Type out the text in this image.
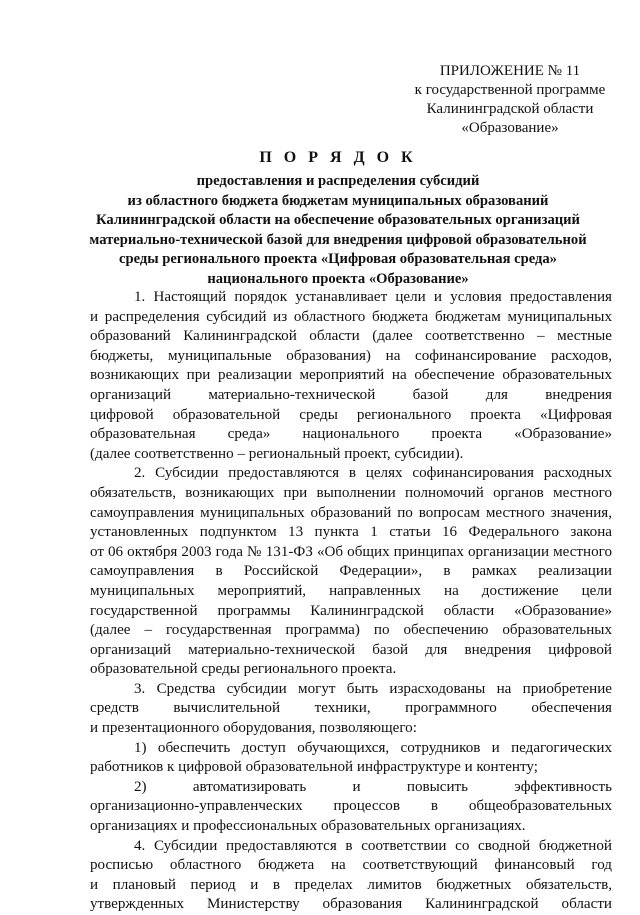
ПРИЛОЖЕНИЕ № 11
к государственной программе
Калининградской области
«Образование»
П О Р Я Д О К
предоставления и распределения субсидий
из областного бюджета бюджетам муниципальных образований
Калининградской области на обеспечение образовательных организаций
материально-технической базой для внедрения цифровой образовательной
среды регионального проекта «Цифровая образовательная среда»
национального проекта «Образование»
1. Настоящий порядок устанавливает цели и условия предоставления
и распределения субсидий из областного бюджета бюджетам муниципальных
образований Калининградской области (далее соответственно – местные
бюджеты, муниципальные образования) на софинансирование расходов,
возникающих при реализации мероприятий на обеспечение образовательных
организаций материально-технической базой для внедрения
цифровой образовательной среды регионального проекта «Цифровая
образовательная среда» национального проекта «Образование»
(далее соответственно – региональный проект, субсидии).
2. Субсидии предоставляются в целях софинансирования расходных
обязательств, возникающих при выполнении полномочий органов местного
самоуправления муниципальных образований по вопросам местного значения,
установленных подпунктом 13 пункта 1 статьи 16 Федерального закона
от 06 октября 2003 года № 131-ФЗ «Об общих принципах организации местного
самоуправления в Российской Федерации», в рамках реализации
муниципальных мероприятий, направленных на достижение цели
государственной программы Калининградской области «Образование»
(далее – государственная программа) по обеспечению образовательных
организаций материально-технической базой для внедрения цифровой
образовательной среды регионального проекта.
3. Средства субсидии могут быть израсходованы на приобретение
средств вычислительной техники, программного обеспечения
и презентационного оборудования, позволяющего:
1) обеспечить доступ обучающихся, сотрудников и педагогических
работников к цифровой образовательной инфраструктуре и контенту;
2) автоматизировать и повысить эффективность
организационно-управленческих процессов в общеобразовательных
организациях и профессиональных образовательных организациях.
4. Субсидии предоставляются в соответствии со сводной бюджетной
росписью областного бюджета на соответствующий финансовый год
и плановый период и в пределах лимитов бюджетных обязательств,
утвержденных Министерству образования Калининградской области
